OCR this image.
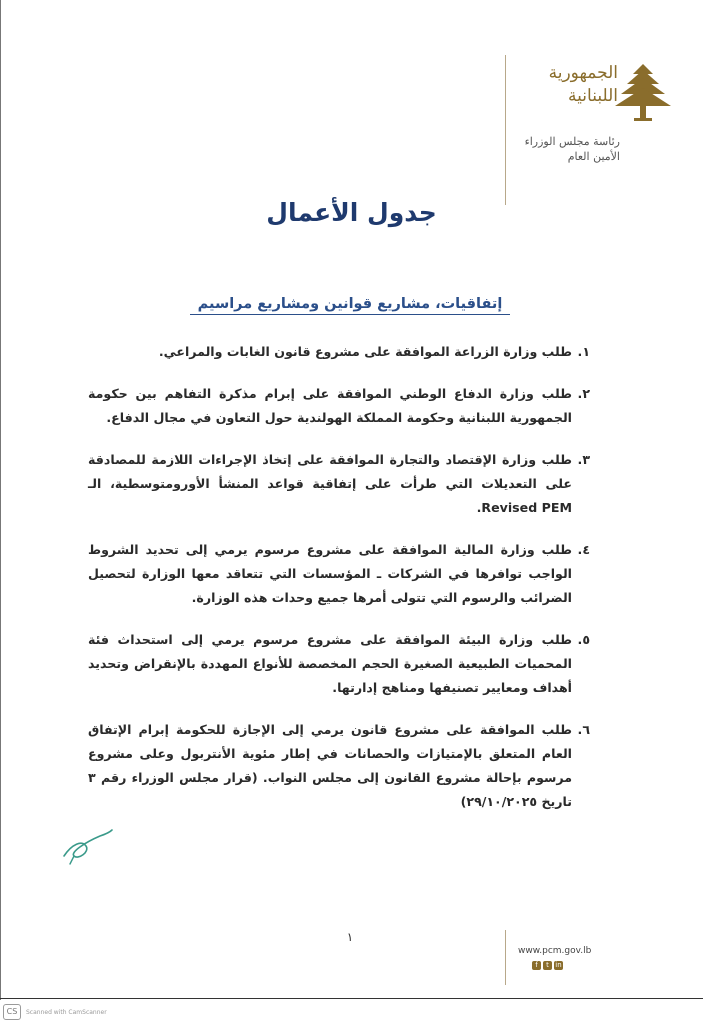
الجمهورية
اللبنانية
رئاسة مجلس الوزراء
الأمين العام
جدول الأعمال
إتفاقيات، مشاريع قوانين ومشاريع مراسيم
١.
طلب وزارة الزراعة الموافقة على مشروع قانون الغابات والمراعي.
٢.
طلب وزارة الدفاع الوطني الموافقة على إبرام مذكرة التفاهم بين حكومة الجمهورية اللبنانية وحكومة المملكة الهولندية حول التعاون في مجال الدفاع.
٣.
طلب وزارة الإقتصاد والتجارة الموافقة على إتخاذ الإجراءات اللازمة للمصادقة على التعديلات التي طرأت على إتفاقية قواعد المنشأ الأورومتوسطية، الـ Revised PEM.
٤.
طلب وزارة المالية الموافقة على مشروع مرسوم يرمي إلى تحديد الشروط الواجب توافرها في الشركات ـ المؤسسات التي تتعاقد معها الوزارة لتحصيل الضرائب والرسوم التي تتولى أمرها جميع وحدات هذه الوزارة.
٥.
طلب وزارة البيئة الموافقة على مشروع مرسوم يرمي إلى استحداث فئة المحميات الطبيعية الصغيرة الحجم المخصصة للأنواع المهددة بالإنقراض وتحديد أهداف ومعايير تصنيفها ومناهج إدارتها.
٦.
طلب الموافقة على مشروع قانون يرمي إلى الإجازة للحكومة إبرام الإتفاق العام المتعلق بالإمتيازات والحصانات في إطار مئوية الأنتربول وعلى مشروع مرسوم بإحالة مشروع القانون إلى مجلس النواب. (قرار مجلس الوزراء رقم ٣ تاريخ ٢٩/١٠/٢٠٢٥)
١
www.pcm.gov.lb
f	t in
CS	Scanned with CamScanner
